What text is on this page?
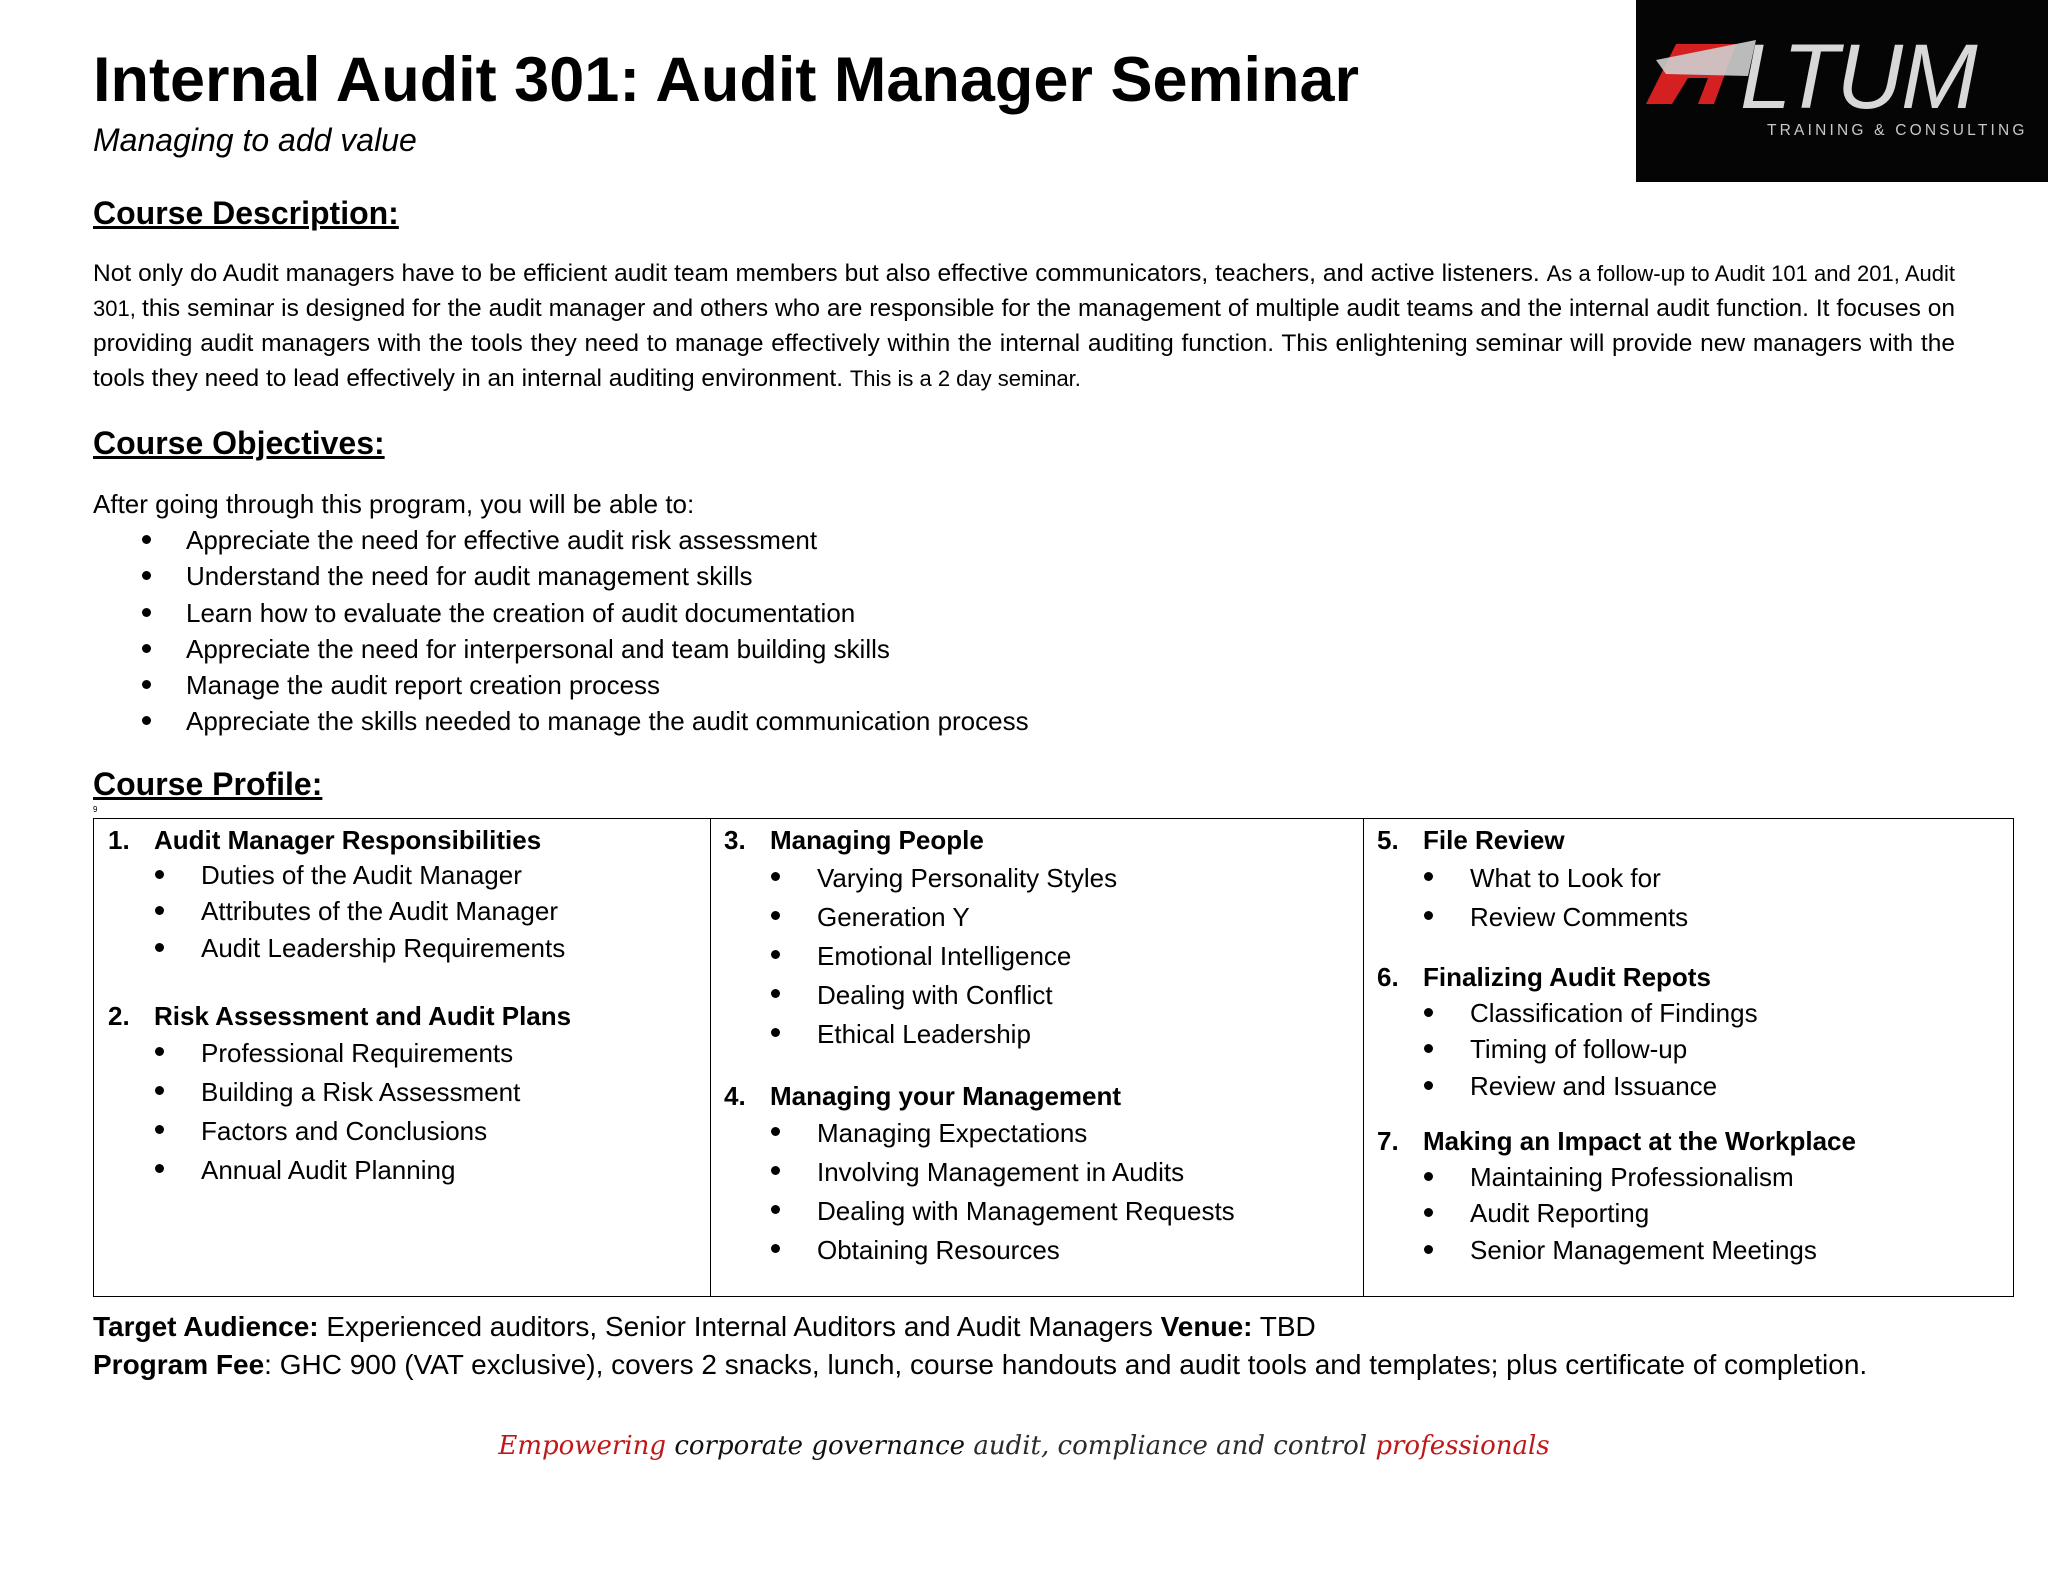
Internal Audit 301: Audit Manager Seminar
Managing to add value
LTUM
TRAINING & CONSULTING
Course Description:

Not only do Audit managers have to be efficient audit team members but also effective communicators, teachers, and active listeners. As a follow-up to Audit 101 and 201, Audit 301, this seminar is designed for the audit manager and others who are responsible for the management of multiple audit teams and the internal audit function. It focuses on providing audit managers with the tools they need to manage effectively within the internal auditing function. This enlightening seminar will provide new managers with the tools they need to lead effectively in an internal auditing environment. This is a 2 day seminar.

Course Objectives:
After going through this program, you will be able to:
Appreciate the need for effective audit risk assessment
Understand the need for audit management skills
Learn how to evaluate the creation of audit documentation
Appreciate the need for interpersonal and team building skills
Manage the audit report creation process
Appreciate the skills needed to manage the audit communication process
Course Profile:
9
1. Audit Manager Responsibilities
Duties of the Audit Manager
Attributes of the Audit Manager
Audit Leadership Requirements
2. Risk Assessment and Audit Plans
Professional Requirements
Building a Risk Assessment
Factors and Conclusions
Annual Audit Planning
3. Managing People
Varying Personality Styles
Generation Y
Emotional Intelligence
Dealing with Conflict
Ethical Leadership
4. Managing your Management
Managing Expectations
Involving Management in Audits
Dealing with Management Requests
Obtaining Resources
5. File Review
What to Look for
Review Comments
6. Finalizing Audit Repots
Classification of Findings
Timing of follow-up
Review and Issuance
7. Making an Impact at the Workplace
Maintaining Professionalism
Audit Reporting
Senior Management Meetings
Target Audience: Experienced auditors, Senior Internal Auditors and Audit Managers Venue: TBD
Program Fee: GHC 900 (VAT exclusive), covers 2 snacks, lunch, course handouts and audit tools and templates; plus certificate of completion.
Empowering corporate governance audit, compliance and control professionals
